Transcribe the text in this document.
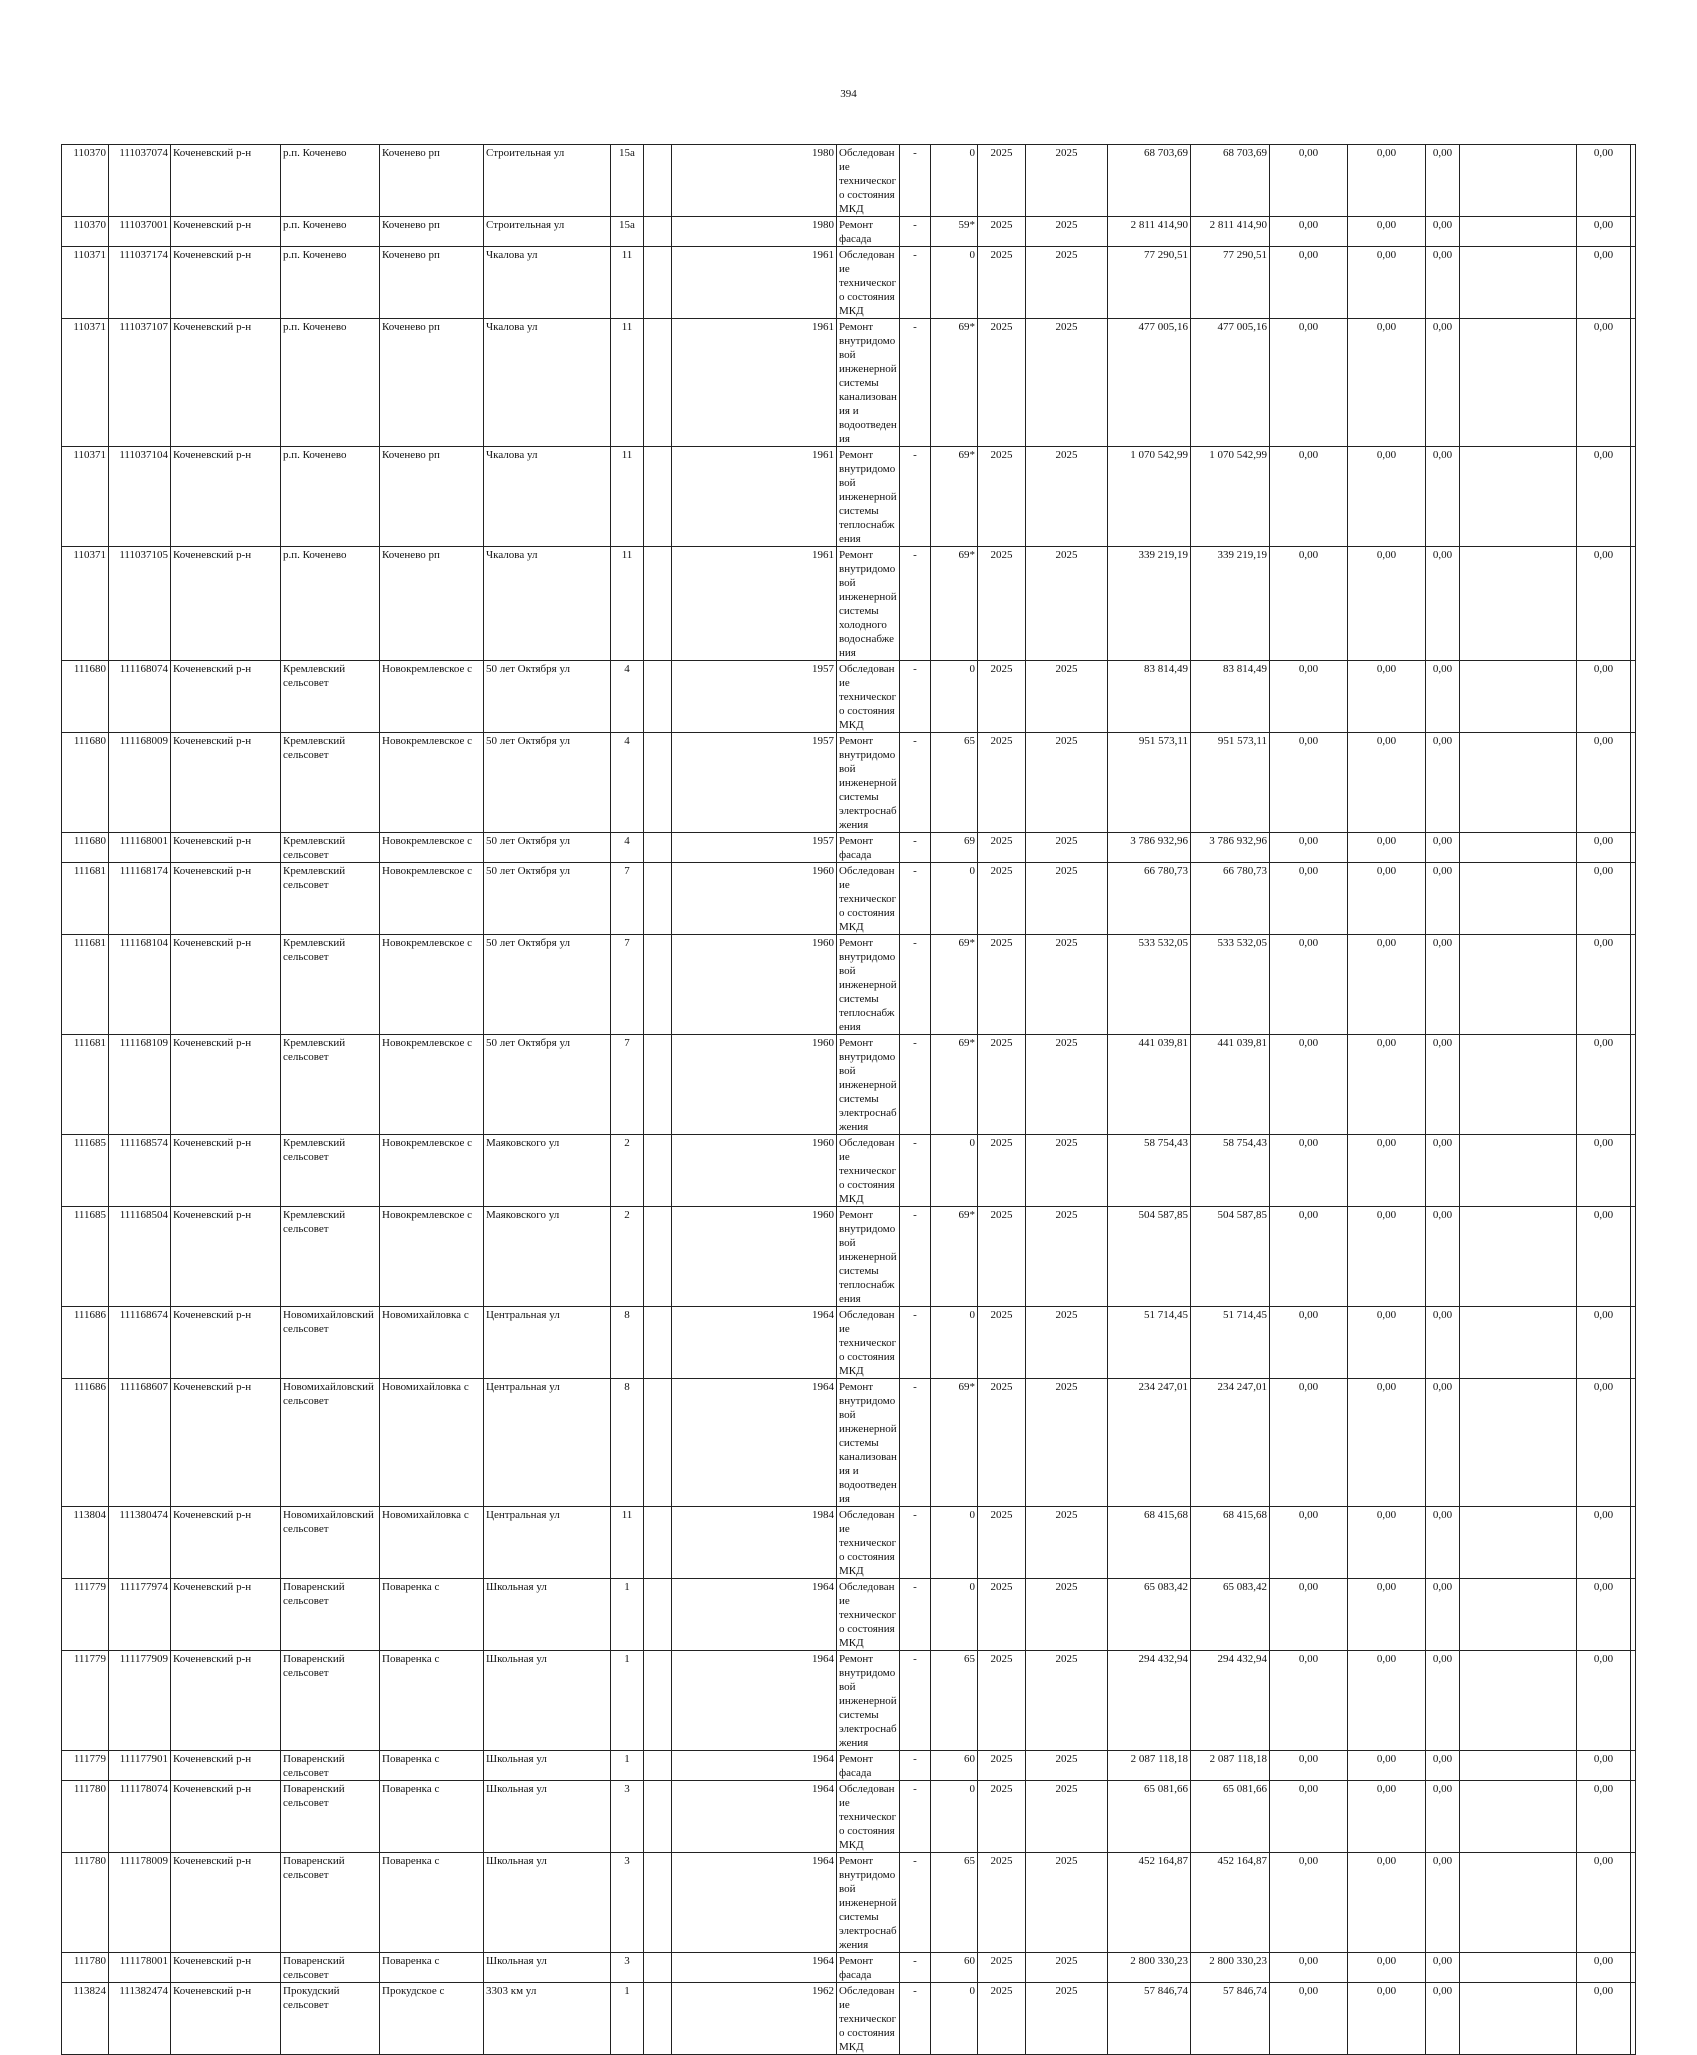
394
110370	111037074	Коченевский р-н	р.п. Коченево	Коченево рп	Строительная ул	15а		1980	Обследование технического состояния МКД	-	0	2025	2025	68 703,69	68 703,69	0,00	0,00	0,00		0,00	
110370	111037001	Коченевский р-н	р.п. Коченево	Коченево рп	Строительная ул	15а		1980	Ремонт фасада	-	59*	2025	2025	2 811 414,90	2 811 414,90	0,00	0,00	0,00		0,00	
110371	111037174	Коченевский р-н	р.п. Коченево	Коченево рп	Чкалова ул	11		1961	Обследование технического состояния МКД	-	0	2025	2025	77 290,51	77 290,51	0,00	0,00	0,00		0,00	
110371	111037107	Коченевский р-н	р.п. Коченево	Коченево рп	Чкалова ул	11		1961	Ремонт внутридомовой инженерной системы канализования и водоотведения	-	69*	2025	2025	477 005,16	477 005,16	0,00	0,00	0,00		0,00	
110371	111037104	Коченевский р-н	р.п. Коченево	Коченево рп	Чкалова ул	11		1961	Ремонт внутридомовой инженерной системы теплоснабжения	-	69*	2025	2025	1 070 542,99	1 070 542,99	0,00	0,00	0,00		0,00	
110371	111037105	Коченевский р-н	р.п. Коченево	Коченево рп	Чкалова ул	11		1961	Ремонт внутридомовой инженерной системы холодного водоснабжения	-	69*	2025	2025	339 219,19	339 219,19	0,00	0,00	0,00		0,00	
111680	111168074	Коченевский р-н	Кремлевский сельсовет	Новокремлевское с	50 лет Октября ул	4		1957	Обследование технического состояния МКД	-	0	2025	2025	83 814,49	83 814,49	0,00	0,00	0,00		0,00	
111680	111168009	Коченевский р-н	Кремлевский сельсовет	Новокремлевское с	50 лет Октября ул	4		1957	Ремонт внутридомовой инженерной системы электроснабжения	-	65	2025	2025	951 573,11	951 573,11	0,00	0,00	0,00		0,00	
111680	111168001	Коченевский р-н	Кремлевский сельсовет	Новокремлевское с	50 лет Октября ул	4		1957	Ремонт фасада	-	69	2025	2025	3 786 932,96	3 786 932,96	0,00	0,00	0,00		0,00	
111681	111168174	Коченевский р-н	Кремлевский сельсовет	Новокремлевское с	50 лет Октября ул	7		1960	Обследование технического состояния МКД	-	0	2025	2025	66 780,73	66 780,73	0,00	0,00	0,00		0,00	
111681	111168104	Коченевский р-н	Кремлевский сельсовет	Новокремлевское с	50 лет Октября ул	7		1960	Ремонт внутридомовой инженерной системы теплоснабжения	-	69*	2025	2025	533 532,05	533 532,05	0,00	0,00	0,00		0,00	
111681	111168109	Коченевский р-н	Кремлевский сельсовет	Новокремлевское с	50 лет Октября ул	7		1960	Ремонт внутридомовой инженерной системы электроснабжения	-	69*	2025	2025	441 039,81	441 039,81	0,00	0,00	0,00		0,00	
111685	111168574	Коченевский р-н	Кремлевский сельсовет	Новокремлевское с	Маяковского ул	2		1960	Обследование технического состояния МКД	-	0	2025	2025	58 754,43	58 754,43	0,00	0,00	0,00		0,00	
111685	111168504	Коченевский р-н	Кремлевский сельсовет	Новокремлевское с	Маяковского ул	2		1960	Ремонт внутридомовой инженерной системы теплоснабжения	-	69*	2025	2025	504 587,85	504 587,85	0,00	0,00	0,00		0,00	
111686	111168674	Коченевский р-н	Новомихайловский сельсовет	Новомихайловка с	Центральная ул	8		1964	Обследование технического состояния МКД	-	0	2025	2025	51 714,45	51 714,45	0,00	0,00	0,00		0,00	
111686	111168607	Коченевский р-н	Новомихайловский сельсовет	Новомихайловка с	Центральная ул	8		1964	Ремонт внутридомовой инженерной системы канализования и водоотведения	-	69*	2025	2025	234 247,01	234 247,01	0,00	0,00	0,00		0,00	
113804	111380474	Коченевский р-н	Новомихайловский сельсовет	Новомихайловка с	Центральная ул	11		1984	Обследование технического состояния МКД	-	0	2025	2025	68 415,68	68 415,68	0,00	0,00	0,00		0,00	
111779	111177974	Коченевский р-н	Поваренский сельсовет	Поваренка с	Школьная ул	1		1964	Обследование технического состояния МКД	-	0	2025	2025	65 083,42	65 083,42	0,00	0,00	0,00		0,00	
111779	111177909	Коченевский р-н	Поваренский сельсовет	Поваренка с	Школьная ул	1		1964	Ремонт внутридомовой инженерной системы электроснабжения	-	65	2025	2025	294 432,94	294 432,94	0,00	0,00	0,00		0,00	
111779	111177901	Коченевский р-н	Поваренский сельсовет	Поваренка с	Школьная ул	1		1964	Ремонт фасада	-	60	2025	2025	2 087 118,18	2 087 118,18	0,00	0,00	0,00		0,00	
111780	111178074	Коченевский р-н	Поваренский сельсовет	Поваренка с	Школьная ул	3		1964	Обследование технического состояния МКД	-	0	2025	2025	65 081,66	65 081,66	0,00	0,00	0,00		0,00	
111780	111178009	Коченевский р-н	Поваренский сельсовет	Поваренка с	Школьная ул	3		1964	Ремонт внутридомовой инженерной системы электроснабжения	-	65	2025	2025	452 164,87	452 164,87	0,00	0,00	0,00		0,00	
111780	111178001	Коченевский р-н	Поваренский сельсовет	Поваренка с	Школьная ул	3		1964	Ремонт фасада	-	60	2025	2025	2 800 330,23	2 800 330,23	0,00	0,00	0,00		0,00	
113824	111382474	Коченевский р-н	Прокудский сельсовет	Прокудское с	3303 км ул	1		1962	Обследование технического состояния МКД	-	0	2025	2025	57 846,74	57 846,74	0,00	0,00	0,00		0,00	
